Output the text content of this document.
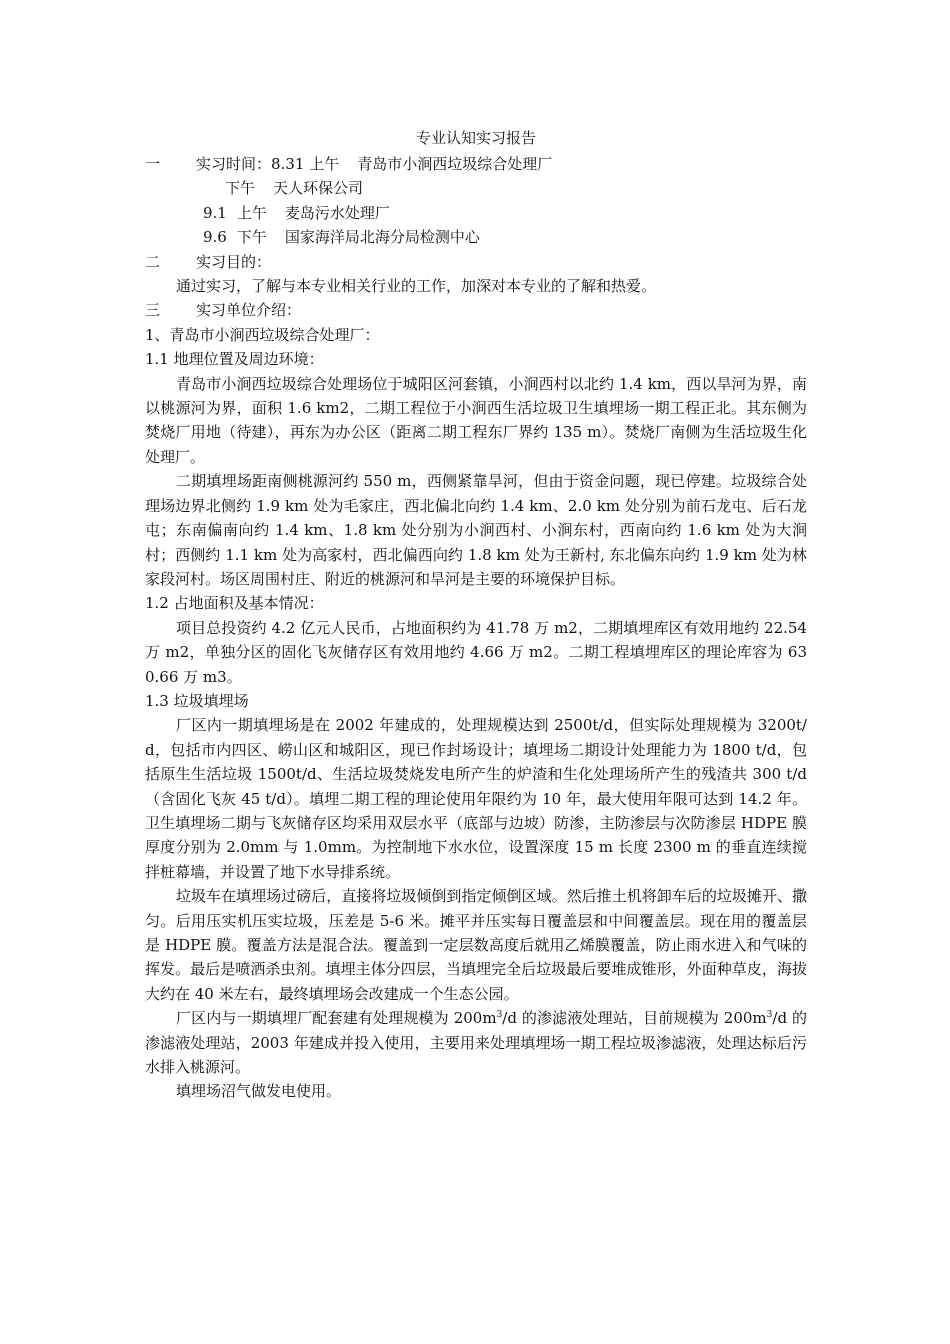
专业认知实习报告

一 实习时间：8.31 上午 青岛市小涧西垃圾综合处理厂

下午 天人环保公司

9.1 上午 麦岛污水处理厂

9.6 下午 国家海洋局北海分局检测中心

二 实习目的：

通过实习，了解与本专业相关行业的工作，加深对本专业的了解和热爱。

三 实习单位介绍：

1、青岛市小涧西垃圾综合处理厂：

1.1 地理位置及周边环境：

青岛市小涧西垃圾综合处理场位于城阳区河套镇，小涧西村以北约 1.4 km，西以旱河为界，南以桃源河为界，面积 1.6 km2，二期工程位于小涧西生活垃圾卫生填埋场一期工程正北。其东侧为焚烧厂用地（待建），再东为办公区（距离二期工程东厂界约 135 m）。焚烧厂南侧为生活垃圾生化处理厂。

二期填埋场距南侧桃源河约 550 m，西侧紧靠旱河，但由于资金问题，现已停建。垃圾综合处理场边界北侧约 1.9 km 处为毛家庄，西北偏北向约 1.4 km、2.0 km 处分别为前石龙屯、后石龙屯；东南偏南向约 1.4 km、1.8 km 处分别为小涧西村、小涧东村，西南向约 1.6 km 处为大涧村；西侧约 1.1 km 处为高家村，西北偏西向约 1.8 km 处为王新村, 东北偏东向约 1.9 km 处为林家段河村。场区周围村庄、附近的桃源河和旱河是主要的环境保护目标。

1.2 占地面积及基本情况：

项目总投资约 4.2 亿元人民币，占地面积约为 41.78 万 m2，二期填埋库区有效用地约 22.54 万 m2，单独分区的固化飞灰储存区有效用地约 4.66 万 m2。二期工程填埋库区的理论库容为 630.66 万 m3。

1.3 垃圾填埋场

厂区内一期填埋场是在 2002 年建成的，处理规模达到 2500t/d，但实际处理规模为 3200t/d，包括市内四区、崂山区和城阳区，现已作封场设计；填埋场二期设计处理能力为 1800 t/d，包括原生生活垃圾 1500t/d、生活垃圾焚烧发电所产生的炉渣和生化处理场所产生的残渣共 300 t/d（含固化飞灰 45 t/d）。填埋二期工程的理论使用年限约为 10 年，最大使用年限可达到 14.2 年。卫生填埋场二期与飞灰储存区均采用双层水平（底部与边坡）防渗，主防渗层与次防渗层 HDPE 膜厚度分别为 2.0mm 与 1.0mm。为控制地下水水位，设置深度 15 m 长度 2300 m 的垂直连续搅拌桩幕墙，并设置了地下水导排系统。

垃圾车在填埋场过磅后，直接将垃圾倾倒到指定倾倒区域。然后推土机将卸车后的垃圾摊开、撒匀。后用压实机压实垃圾，压差是 5-6 米。摊平并压实每日覆盖层和中间覆盖层。现在用的覆盖层是 HDPE 膜。覆盖方法是混合法。覆盖到一定层数高度后就用乙烯膜覆盖，防止雨水进入和气味的挥发。最后是喷洒杀虫剂。填埋主体分四层，当填埋完全后垃圾最后要堆成锥形，外面种草皮，海拔大约在 40 米左右，最终填埋场会改建成一个生态公园。

厂区内与一期填埋厂配套建有处理规模为 $200m^3/d$ 的渗滤液处理站，目前规模为 $200m^3/d$ 的渗滤液处理站，2003 年建成并投入使用，主要用来处理填埋场一期工程垃圾渗滤液，处理达标后污水排入桃源河。

填埋场沼气做发电使用。
